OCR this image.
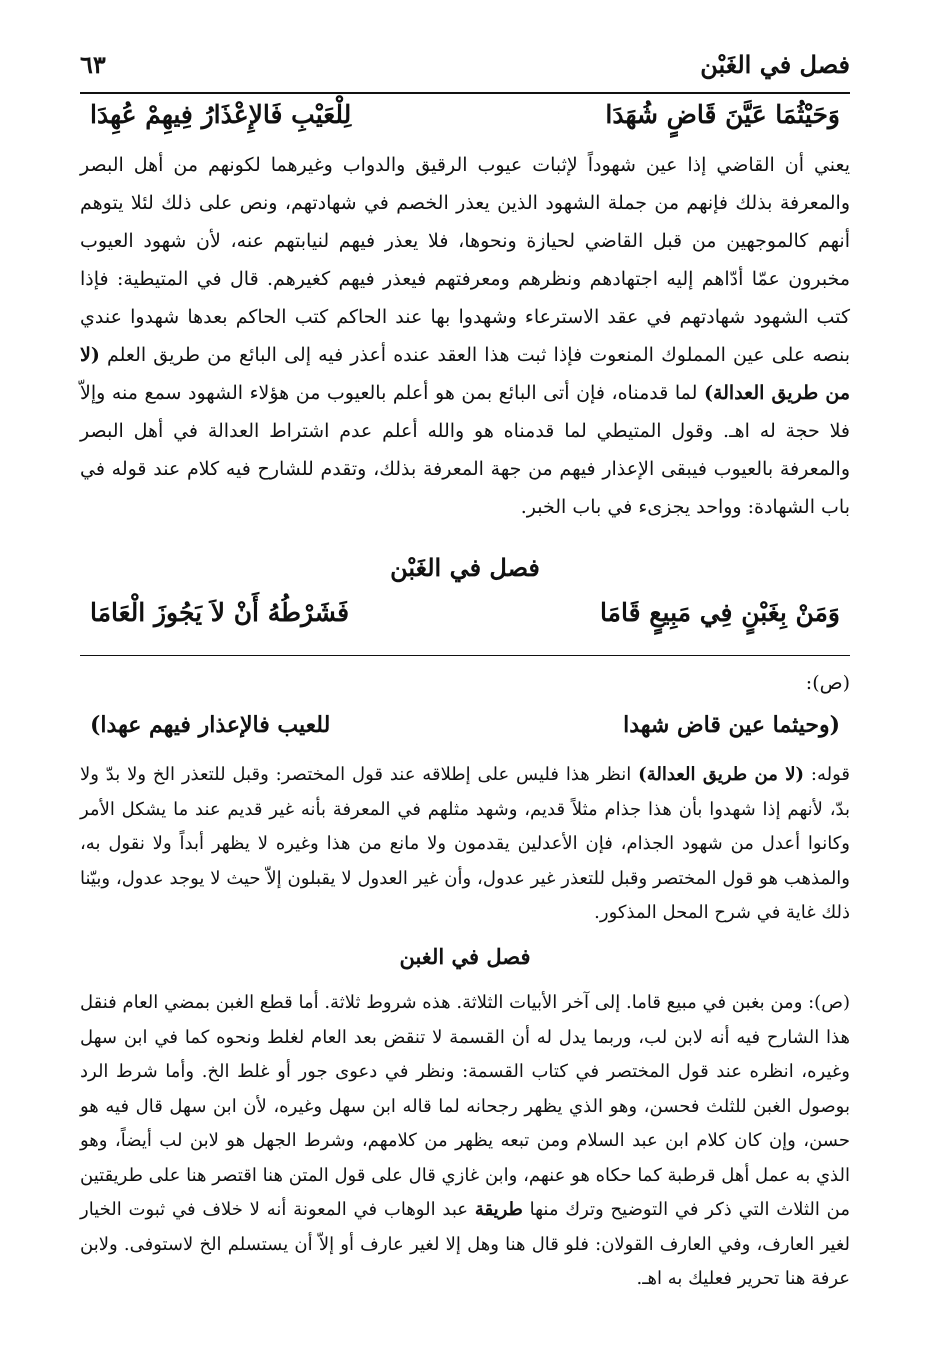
فصل في الغَبْن
٦٣
وَحَيْثُمَا عَيَّنَ قَاضٍ شُهَدَا
لِلْعَيْبِ فَالإِعْذَارُ فِيهِمْ عُهِدَا
يعني أن القاضي إذا عين شهوداً لإثبات عيوب الرقيق والدواب وغيرهما لكونهم من أهل البصر والمعرفة بذلك فإنهم من جملة الشهود الذين يعذر الخصم في شهادتهم، ونص على ذلك لئلا يتوهم أنهم كالموجهين من قبل القاضي لحيازة ونحوها، فلا يعذر فيهم لنيابتهم عنه، لأن شهود العيوب مخبرون عمّا أدّاهم إليه اجتهادهم ونظرهم ومعرفتهم فيعذر فيهم كغيرهم. قال في المتيطية: فإذا كتب الشهود شهادتهم في عقد الاسترعاء وشهدوا بها عند الحاكم كتب الحاكم بعدها شهدوا عندي بنصه على عين المملوك المنعوت فإذا ثبت هذا العقد عنده أعذر فيه إلى البائع من طريق العلم (لا من طريق العدالة) لما قدمناه، فإن أتى البائع بمن هو أعلم بالعيوب من هؤلاء الشهود سمع منه وإلاّ فلا حجة له اهـ. وقول المتيطي لما قدمناه هو والله أعلم عدم اشتراط العدالة في أهل البصر والمعرفة بالعيوب فيبقى الإعذار فيهم من جهة المعرفة بذلك، وتقدم للشارح فيه كلام عند قوله في باب الشهادة: وواحد يجزىء في باب الخبر.
فصل في الغَبْن
وَمَنْ بِغَبْنٍ فِي مَبِيعٍ قَامَا
فَشَرْطُهُ أَنْ لاَ يَجُوزَ الْعَامَا
(ص):
(وحيثما عين قاض شهدا
للعيب فالإعذار فيهم عهدا)
قوله: (لا من طريق العدالة) انظر هذا فليس على إطلاقه عند قول المختصر: وقبل للتعذر الخ ولا بدّ ولا بدّ، لأنهم إذا شهدوا بأن هذا جذام مثلاً قديم، وشهد مثلهم في المعرفة بأنه غير قديم عند ما يشكل الأمر وكانوا أعدل من شهود الجذام، فإن الأعدلين يقدمون ولا مانع من هذا وغيره لا يظهر أبداً ولا نقول به، والمذهب هو قول المختصر وقبل للتعذر غير عدول، وأن غير العدول لا يقبلون إلاّ حيث لا يوجد عدول، وبيّنا ذلك غاية في شرح المحل المذكور.
فصل في الغبن
(ص): ومن بغبن في مبيع قاما. إلى آخر الأبيات الثلاثة. هذه شروط ثلاثة. أما قطع الغبن بمضي العام فنقل هذا الشارح فيه أنه لابن لب، وربما يدل له أن القسمة لا تنقض بعد العام لغلط ونحوه كما في ابن سهل وغيره، انظره عند قول المختصر في كتاب القسمة: ونظر في دعوى جور أو غلط الخ. وأما شرط الرد بوصول الغبن للثلث فحسن، وهو الذي يظهر رجحانه لما قاله ابن سهل وغيره، لأن ابن سهل قال فيه هو حسن، وإن كان كلام ابن عبد السلام ومن تبعه يظهر من كلامهم، وشرط الجهل هو لابن لب أيضاً، وهو الذي به عمل أهل قرطبة كما حكاه هو عنهم، وابن غازي قال على قول المتن هنا اقتصر هنا على طريقتين من الثلاث التي ذكر في التوضيح وترك منها طريقة عبد الوهاب في المعونة أنه لا خلاف في ثبوت الخيار لغير العارف، وفي العارف القولان: فلو قال هنا وهل إلا لغير عارف أو إلاّ أن يستسلم الخ لاستوفى. ولابن عرفة هنا تحرير فعليك به اهـ.
